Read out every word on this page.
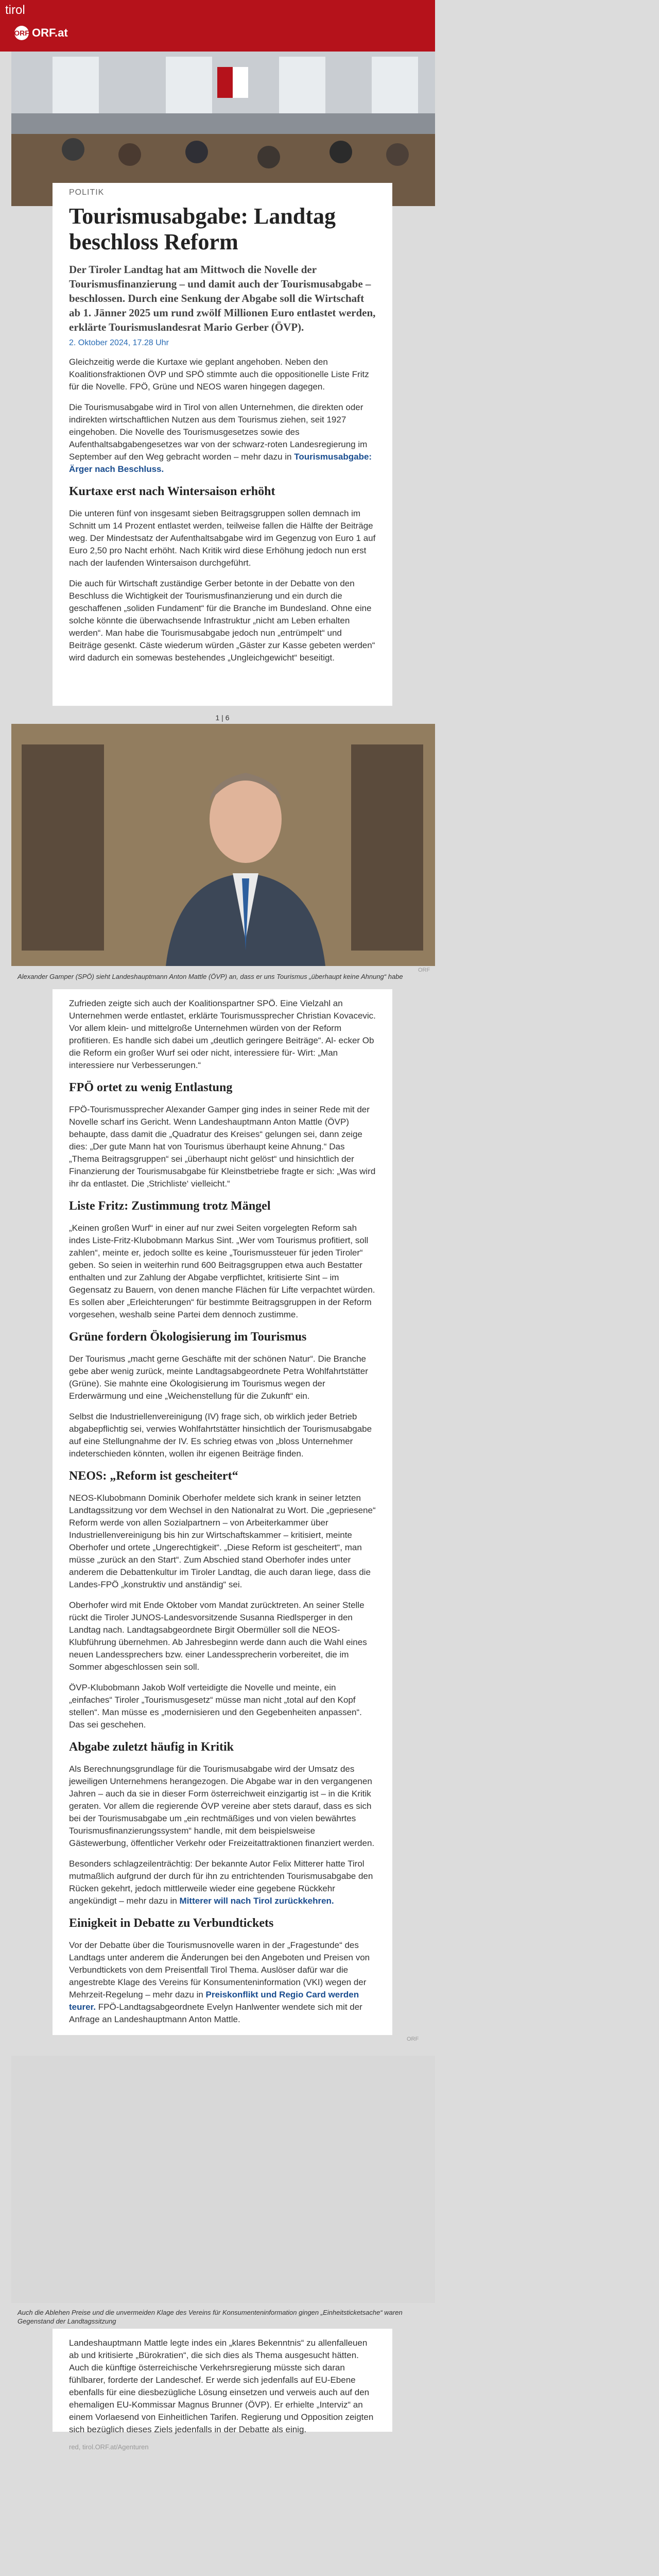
tirol
ORF ORF.at
POLITIK
Tourismusabgabe: Landtag beschloss Reform
Der Tiroler Landtag hat am Mittwoch die Novelle der Tourismusfinanzierung – und damit auch der Tourismusabgabe – beschlossen. Durch eine Senkung der Abgabe soll die Wirtschaft ab 1. Jänner 2025 um rund zwölf Millionen Euro entlastet werden, erklärte Tourismuslandesrat Mario Gerber (ÖVP).
2. Oktober 2024, 17.28 Uhr

Gleichzeitig werde die Kurtaxe wie geplant angehoben. Neben den Koalitionsfraktionen ÖVP und SPÖ stimmte auch die oppositionelle Liste Fritz für die Novelle. FPÖ, Grüne und NEOS waren hingegen dagegen.

Die Tourismusabgabe wird in Tirol von allen Unternehmen, die direkten oder indirekten wirtschaftlichen Nutzen aus dem Tourismus ziehen, seit 1927 eingehoben. Die Novelle des Tourismusgesetzes sowie des Aufenthaltsabgabengesetzes war von der schwarz-roten Landesregierung im September auf den Weg gebracht worden – mehr dazu in Tourismusabgabe: Ärger nach Beschluss.

Kurtaxe erst nach Wintersaison erhöht

Die unteren fünf von insgesamt sieben Beitragsgruppen sollen demnach im Schnitt um 14 Prozent entlastet werden, teilweise fallen die Hälfte der Beiträge weg. Der Mindestsatz der Aufenthaltsabgabe wird im Gegenzug von Euro 1 auf Euro 2,50 pro Nacht erhöht. Nach Kritik wird diese Erhöhung jedoch nun erst nach der laufenden Wintersaison durchgeführt.

Die auch für Wirtschaft zuständige Gerber betonte in der Debatte von den Beschluss die Wichtigkeit der Tourismusfinanzierung und ein durch die geschaffenen „soliden Fundament“ für die Branche im Bundesland. Ohne eine solche könnte die überwachsende Infrastruktur „nicht am Leben erhalten werden“. Man habe die Tourismusabgabe jedoch nun „entrümpelt“ und Beiträge gesenkt. Cäste wiederum würden „Gäster zur Kasse gebeten werden“ wird dadurch ein somewas bestehendes „Ungleichgewicht“ beseitigt.

1 | 6
Alexander Gamper (SPÖ) sieht Landeshauptmann Anton Mattle (ÖVP) an, dass er uns Tourismus „überhaupt keine Ahnung“ habe
ORF

Zufrieden zeigte sich auch der Koalitionspartner SPÖ. Eine Vielzahl an Unternehmen werde entlastet, erklärte Tourismussprecher Christian Kovacevic. Vor allem klein- und mittelgroße Unternehmen würden von der Reform profitieren. Es handle sich dabei um „deutlich geringere Beiträge“. Al- ecker Ob die Reform ein großer Wurf sei oder nicht, interessiere für- Wirt: „Man interessiere nur Verbesserungen.“

FPÖ ortet zu wenig Entlastung

FPÖ-Tourismussprecher Alexander Gamper ging indes in seiner Rede mit der Novelle scharf ins Gericht. Wenn Landeshauptmann Anton Mattle (ÖVP) behaupte, dass damit die „Quadratur des Kreises“ gelungen sei, dann zeige dies: „Der gute Mann hat von Tourismus überhaupt keine Ahnung.“ Das „Thema Beitragsgruppen“ sei „überhaupt nicht gelöst“ und hinsichtlich der Finanzierung der Tourismusabgabe für Kleinstbetriebe fragte er sich: „Was wird ihr da entlastet. Die ‚Strichliste‘ vielleicht.“

Liste Fritz: Zustimmung trotz Mängel

„Keinen großen Wurf“ in einer auf nur zwei Seiten vorgelegten Reform sah indes Liste-Fritz-Klubobmann Markus Sint. „Wer vom Tourismus profitiert, soll zahlen“, meinte er, jedoch sollte es keine „Tourismussteuer für jeden Tiroler“ geben. So seien in weiterhin rund 600 Beitragsgruppen etwa auch Bestatter enthalten und zur Zahlung der Abgabe verpflichtet, kritisierte Sint – im Gegensatz zu Bauern, von denen manche Flächen für Lifte verpachtet würden. Es sollen aber „Erleichterungen“ für bestimmte Beitragsgruppen in der Reform vorgesehen, weshalb seine Partei dem dennoch zustimme.

Grüne fordern Ökologisierung im Tourismus

Der Tourismus „macht gerne Geschäfte mit der schönen Natur“. Die Branche gebe aber wenig zurück, meinte Landtagsabgeordnete Petra Wohlfahrtstätter (Grüne). Sie mahnte eine Ökologisierung im Tourismus wegen der Erderwärmung und eine „Weichenstellung für die Zukunft“ ein.

Selbst die Industriellenvereinigung (IV) frage sich, ob wirklich jeder Betrieb abgabepflichtig sei, verwies Wohlfahrtstätter hinsichtlich der Tourismusabgabe auf eine Stellungnahme der IV. Es schrieg etwas von „bloss Unternehmer indeterschieden könnten, wollen ihr eigenen Beiträge finden.

NEOS: „Reform ist gescheitert“

NEOS-Klubobmann Dominik Oberhofer meldete sich krank in seiner letzten Landtagssitzung vor dem Wechsel in den Nationalrat zu Wort. Die „gepriesene“ Reform werde von allen Sozialpartnern – von Arbeiterkammer über Industriellenvereinigung bis hin zur Wirtschaftskammer – kritisiert, meinte Oberhofer und ortete „Ungerechtigkeit“. „Diese Reform ist gescheitert“, man müsse „zurück an den Start“. Zum Abschied stand Oberhofer indes unter anderem die Debattenkultur im Tiroler Landtag, die auch daran liege, dass die Landes-FPÖ „konstruktiv und anständig“ sei.

Oberhofer wird mit Ende Oktober vom Mandat zurücktreten. An seiner Stelle rückt die Tiroler JUNOS-Landesvorsitzende Susanna Riedlsperger in den Landtag nach. Landtagsabgeordnete Birgit Obermüller soll die NEOS-Klubführung übernehmen. Ab Jahresbeginn werde dann auch die Wahl eines neuen Landessprechers bzw. einer Landessprecherin vorbereitet, die im Sommer abgeschlossen sein soll.

ÖVP-Klubobmann Jakob Wolf verteidigte die Novelle und meinte, ein „einfaches“ Tiroler „Tourismusgesetz“ müsse man nicht „total auf den Kopf stellen“. Man müsse es „modernisieren und den Gegebenheiten anpassen“. Das sei geschehen.

Abgabe zuletzt häufig in Kritik

Als Berechnungsgrundlage für die Tourismusabgabe wird der Umsatz des jeweiligen Unternehmens herangezogen. Die Abgabe war in den vergangenen Jahren – auch da sie in dieser Form österreichweit einzigartig ist – in die Kritik geraten. Vor allem die regierende ÖVP vereine aber stets darauf, dass es sich bei der Tourismusabgabe um „ein rechtmäßiges und von vielen bewährtes Tourismusfinanzierungssystem“ handle, mit dem beispielsweise Gästewerbung, öffentlicher Verkehr oder Freizeitattraktionen finanziert werden.

Besonders schlagzeilenträchtig: Der bekannte Autor Felix Mitterer hatte Tirol mutmaßlich aufgrund der durch für ihn zu entrichtenden Tourismusabgabe den Rücken gekehrt, jedoch mittlerweile wieder eine gegebene Rückkehr angekündigt – mehr dazu in Mitterer will nach Tirol zurückkehren.

Einigkeit in Debatte zu Verbundtickets

Vor der Debatte über die Tourismusnovelle waren in der „Fragestunde“ des Landtags unter anderem die Änderungen bei den Angeboten und Preisen von Verbundtickets von dem Preisentfall Tirol Thema. Auslöser dafür war die angestrebte Klage des Vereins für Konsumenteninformation (VKI) wegen der Mehrzeit-Regelung – mehr dazu in Preiskonflikt und Regio Card werden teurer. FPÖ-Landtagsabgeordnete Evelyn Hanlwenter wendete sich mit der Anfrage an Landeshauptmann Anton Mattle.

ORF
Auch die Ablehen Preise und die unvermeiden Klage des Vereins für Konsumenteninformation gingen „Einheitsticketsache“ waren Gegenstand der Landtagssitzung

Landeshauptmann Mattle legte indes ein „klares Bekenntnis“ zu allenfalleuen ab und kritisierte „Bürokratien“, die sich dies als Thema ausgesucht hätten. Auch die künftige österreichische Verkehrsregierung müsste sich daran fühlbarer, forderte der Landeschef. Er werde sich jedenfalls auf EU-Ebene ebenfalls für eine diesbezügliche Lösung einsetzen und verweis auch auf den ehemaligen EU-Kommissar Magnus Brunner (ÖVP). Er erhielte „Interviz“ an einem Vorlaesend von Einheitlichen Tarifen. Regierung und Opposition zeigten sich bezüglich dieses Ziels jedenfalls in der Debatte als einig.

red, tirol.ORF.at/Agenturen
